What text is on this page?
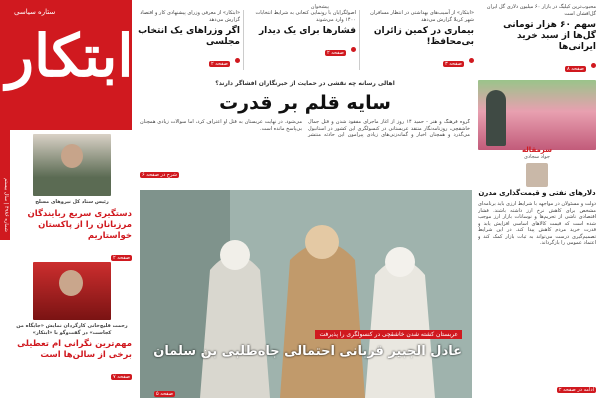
ابتکار
ستاره سیاسی
شماره ۴۹۸۶ | سال بیستم
«ابتکار» از آسیب‌های بهداشتی در انتظار مسافران شهر کربلا گزارش می‌دهد
بیماری در کمین زائران بی‌محافظ!
صفحه ۳
اصولگرایان با رونمایی کنعانی به شرایط انتخابات ۱۴۰۰ وارد می‌شوند
فشارها برای یک دیدار
صفحه ۲
«ابتکار» از معرفی وزرای پیشنهادی کار و اقتصاد گزارش می‌دهد
اگر وزراهای یک انتخاب مجلسی
صفحه ۲
پیشخوان
اهالی رسانه چه نقشی در حمایت از خبرنگاران افشاگر دارند؟
سایه قلم بر قدرت
گروه فرهنگ و هنر - حمید ۱۴ روز از آغاز ماجرای مفقود شدن و قتل جمال خاشقچی، روزنامه‌نگار منتقد عربستانی در کنسولگری این کشور در استانبول می‌گذرد و همچنان اخبار و گمانه‌زنی‌های زیادی پیرامون این حادثه منتشر می‌شود. در نهایت عربستان به قتل او اعتراف کرد، اما سوالات زیادی همچنان بی‌پاسخ مانده است.
شرح در صفحه ۶
عربستان کشته شدن خاشقچی در کنسولگری را پذیرفت
عادل الجبیر قربانی احتمالی جاه‌طلبی بن سلمان
صفحه ۵
محبوب‌ترین کیلیگ در بازار ۶۰ میلیون دلاری گل ایران گل‌افشان است
سهم ۶۰ هزار تومانی گل‌ها از سبد خرید ایرانی‌ها
صفحه ۸
سرمقاله
جواد سجادی
دلارهای نفتی و قیمت‌گذاری مدرن
دولت و مسئولان در مواجهه با شرایط ارزی باید برنامه‌ای مشخص برای کاهش نرخ ارز داشته باشند. فشار اقتصادی ناشی از تحریم‌ها و نوسانات بازار ارز موجب شده است که قیمت کالاهای اساسی افزایش یابد و قدرت خرید مردم کاهش پیدا کند. در این شرایط تصمیم‌گیری درست می‌تواند به ثبات بازار کمک کند و اعتماد عمومی را بازگرداند.
ادامه در صفحه ۲
رئیس ستاد کل نیروهای مسلح
دستگیری سریع ربایندگان مرزبانان را از پاکستان خواستاریم
صفحه ۲
رحمت قلیچ‌خانی کارگردان نمایش «جایگاه من کجاست» در گفت‌وگو با «ابتکار»
مهم‌ترین نگرانی ام تعطیلی برخی از سالن‌ها است
صفحه ۷
